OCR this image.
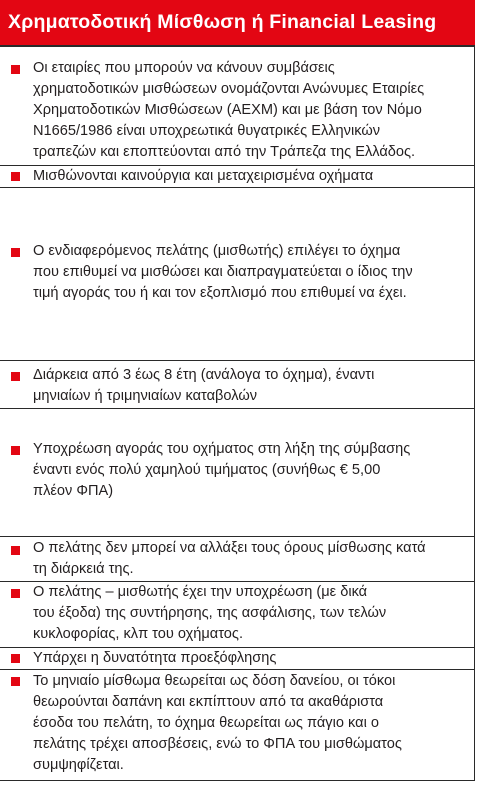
Χρηματοδοτική Μίσθωση ή Financial Leasing
Οι εταιρίες που μπορούν να κάνουν συμβάσεις
χρηματοδοτικών μισθώσεων ονομάζονται Ανώνυμες Εταιρίες
Χρηματοδοτικών Μισθώσεων (ΑΕΧΜ) και με βάση τον Νόμο
Ν1665/1986 είναι υποχρεωτικά θυγατρικές Ελληνικών
τραπεζών και εποπτεύονται από την Τράπεζα της Ελλάδος.
Μισθώνονται καινούργια και μεταχειρισμένα οχήματα
Ο ενδιαφερόμενος πελάτης (μισθωτής) επιλέγει το όχημα
που επιθυμεί να μισθώσει και διαπραγματεύεται ο ίδιος την
τιμή αγοράς του ή και τον εξοπλισμό που επιθυμεί να έχει.
Διάρκεια από 3 έως 8 έτη (ανάλογα το όχημα), έναντι
μηνιαίων ή τριμηνιαίων καταβολών
Υποχρέωση αγοράς του οχήματος στη λήξη της σύμβασης
έναντι ενός πολύ χαμηλού τιμήματος (συνήθως € 5,00
πλέον ΦΠΑ)
Ο πελάτης δεν μπορεί να αλλάξει τους όρους μίσθωσης κατά
τη διάρκειά της.
Ο πελάτης – μισθωτής έχει την υποχρέωση (με δικά
του έξοδα) της συντήρησης, της ασφάλισης, των τελών
κυκλοφορίας, κλπ του οχήματος.
Υπάρχει η δυνατότητα προεξόφλησης
Το μηνιαίο μίσθωμα θεωρείται ως δόση δανείου, οι τόκοι
θεωρούνται δαπάνη και εκπίπτουν από τα ακαθάριστα
έσοδα του πελάτη, το όχημα θεωρείται ως πάγιο και ο
πελάτης τρέχει αποσβέσεις, ενώ το ΦΠΑ του μισθώματος
συμψηφίζεται.
